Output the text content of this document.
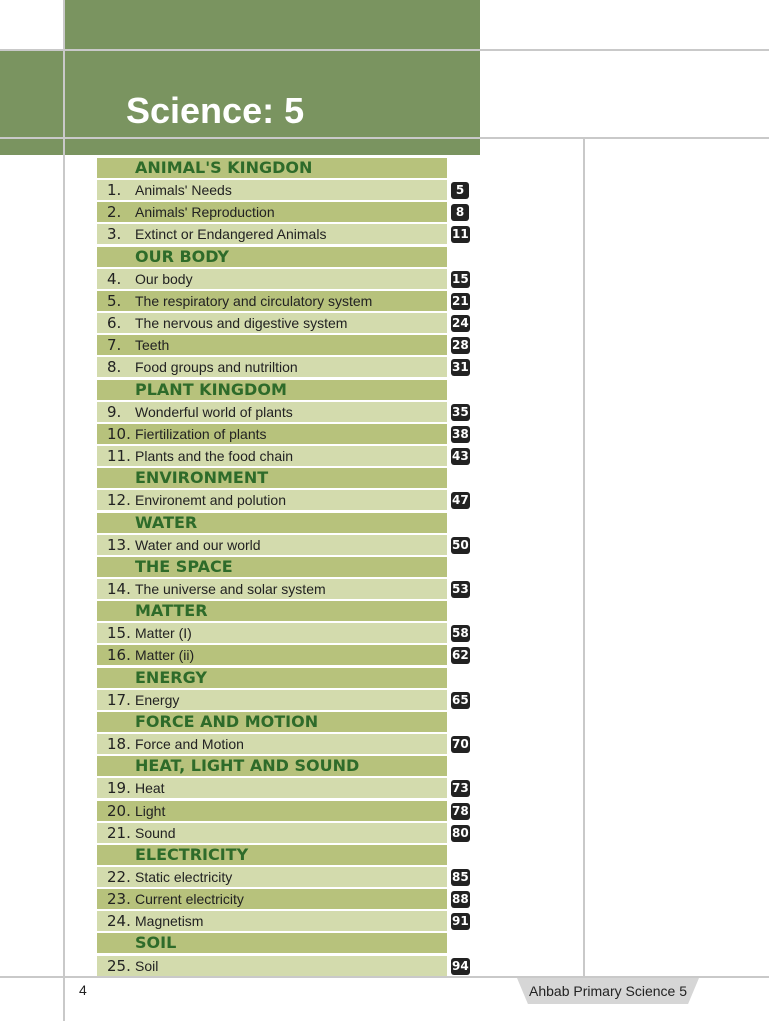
Science: 5
ANIMAL'S KINGDON
1. Animals' Needs	5
2. Animals' Reproduction	8
3. Extinct or Endangered Animals	11
OUR BODY
4. Our body	15
5. The respiratory and circulatory system	21
6. The nervous and digestive system	24
7. Teeth	28
8. Food groups and nutriltion	31
PLANT KINGDOM
9. Wonderful world of plants	35
10. Fiertilization of plants	38
11. Plants and the food chain	43
ENVIRONMENT
12. Environemt and polution	47
WATER
13. Water and our world	50
THE SPACE
14. The universe and solar system	53
MATTER
15. Matter (I)	58
16. Matter (ii)	62
ENERGY
17. Energy	65
FORCE AND MOTION
18. Force and Motion	70
HEAT, LIGHT AND SOUND
19. Heat	73
20. Light	78
21. Sound	80
ELECTRICITY
22. Static electricity	85
23. Current electricity	88
24. Magnetism	91
SOIL
25. Soil	94
4	Ahbab Primary Science 5
